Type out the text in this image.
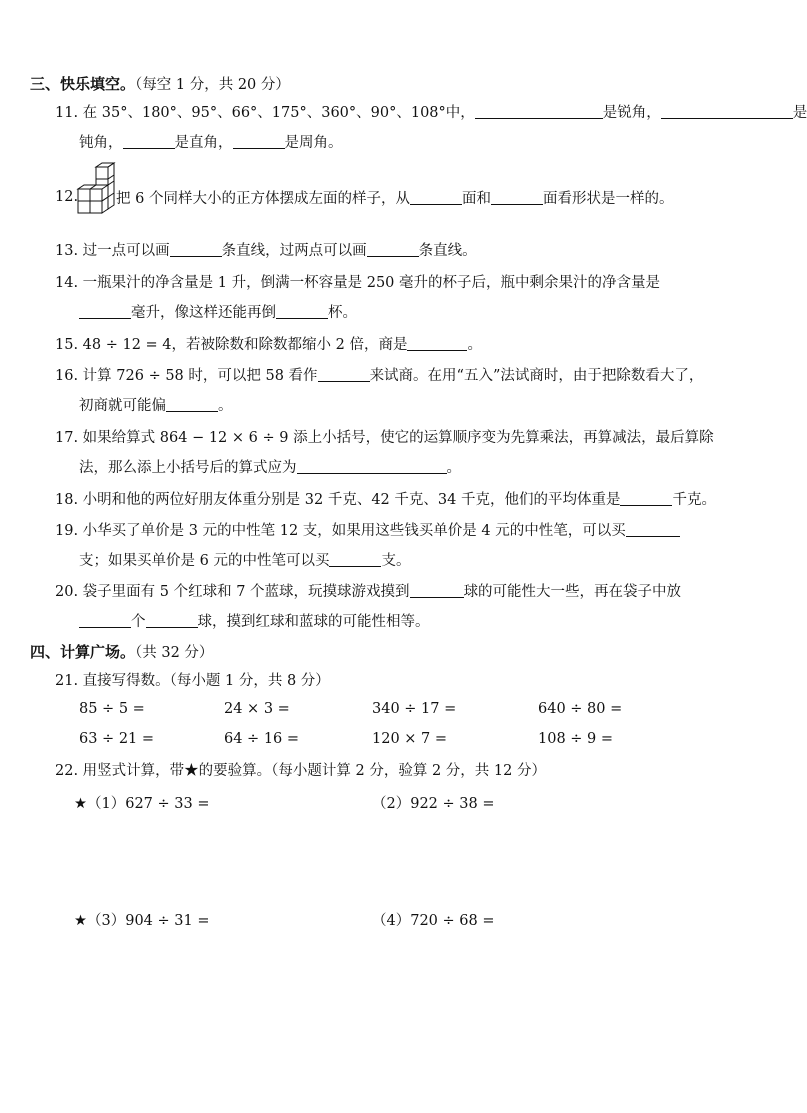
三、快乐填空。（每空 1 分，共 20 分）
11. 在 35°、180°、95°、66°、175°、360°、90°、108°中，	是锐角，	是
钝角，	是直角，	是周角。
12.	把 6 个同样大小的正方体摆成左面的样子，从	面和	面看形状是一样的。
13. 过一点可以画	条直线，过两点可以画	条直线。
14. 一瓶果汁的净含量是 1 升，倒满一杯容量是 250 毫升的杯子后，瓶中剩余果汁的净含量是
毫升，像这样还能再倒	杯。
15. 48 ÷ 12 = 4，若被除数和除数都缩小 2 倍，商是	。
16. 计算 726 ÷ 58 时，可以把 58 看作	来试商。在用“五入”法试商时，由于把除数看大了，
初商就可能偏	。
17. 如果给算式 864 − 12 × 6 ÷ 9 添上小括号，使它的运算顺序变为先算乘法，再算减法，最后算除
法，那么添上小括号后的算式应为	。
18. 小明和他的两位好朋友体重分别是 32 千克、42 千克、34 千克，他们的平均体重是	千克。
19. 小华买了单价是 3 元的中性笔 12 支，如果用这些钱买单价是 4 元的中性笔，可以买
支；如果买单价是 6 元的中性笔可以买	支。
20. 袋子里面有 5 个红球和 7 个蓝球，玩摸球游戏摸到	球的可能性大一些，再在袋子中放
个	球，摸到红球和蓝球的可能性相等。
四、计算广场。（共 32 分）
21. 直接写得数。（每小题 1 分，共 8 分）
85 ÷ 5 =	24 × 3 =	340 ÷ 17 =	640 ÷ 80 =
63 ÷ 21 =	64 ÷ 16 =	120 × 7 =	108 ÷ 9 =
22. 用竖式计算，带★的要验算。（每小题计算 2 分，验算 2 分，共 12 分）
★（1）627 ÷ 33 =	（2）922 ÷ 38 =
★（3）904 ÷ 31 =	（4）720 ÷ 68 =
